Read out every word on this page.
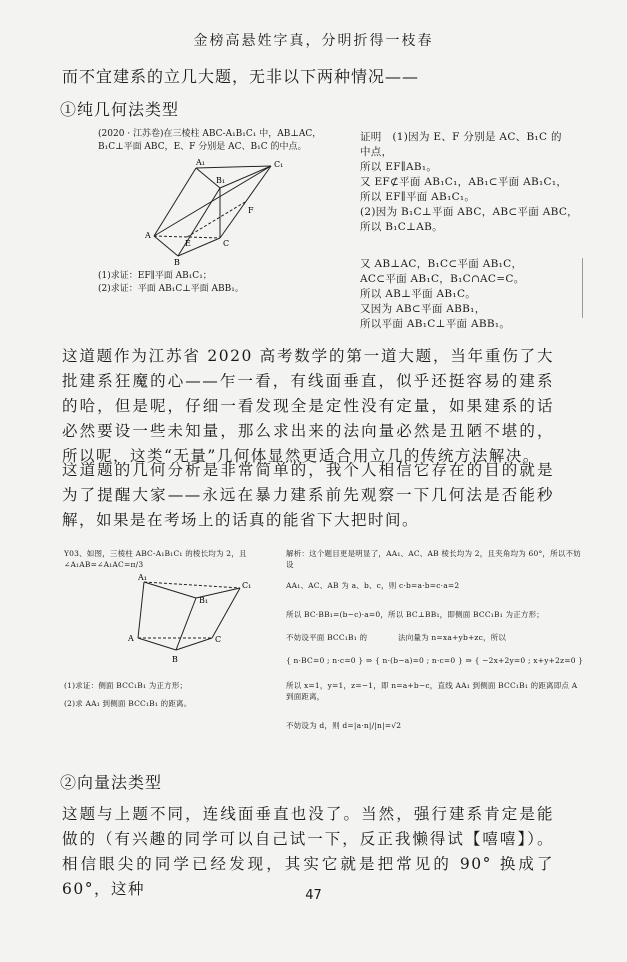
金榜高悬姓字真，分明折得一枝春
而不宜建系的立几大题，无非以下两种情况——
①纯几何法类型
(2020 · 江苏卷)在三棱柱 ABC-A₁B₁C₁ 中，AB⊥AC，
B₁C⊥平面 ABC，E、F 分别是 AC、B₁C 的中点。
A₁	C₁
B₁
F
A
E	C
B
(1)求证：EF∥平面 AB₁C₁；
(2)求证：平面 AB₁C⊥平面 ABB₁。
证明　(1)因为 E、F 分别是 AC、B₁C 的
中点，
所以 EF∥AB₁。
又 EF⊄平面 AB₁C₁，AB₁⊂平面 AB₁C₁，
所以 EF∥平面 AB₁C₁。
(2)因为 B₁C⊥平面 ABC，AB⊂平面 ABC，
所以 B₁C⊥AB。
又 AB⊥AC，B₁C⊂平面 AB₁C，
AC⊂平面 AB₁C，B₁C∩AC=C。
所以 AB⊥平面 AB₁C。
又因为 AB⊂平面 ABB₁，
所以平面 AB₁C⊥平面 ABB₁。
这道题作为江苏省 2020 高考数学的第一道大题，当年重伤了大批建系狂魔的心——乍一看，有线面垂直，似乎还挺容易的建系的哈，但是呢，仔细一看发现全是定性没有定量，如果建系的话必然要设一些未知量，那么求出来的法向量必然是丑陋不堪的，所以呢，这类“无量”几何体显然更适合用立几的传统方法解决。
这道题的几何分析是非常简单的，我个人相信它存在的目的就是为了提醒大家——永远在暴力建系前先观察一下几何法是否能秒解，如果是在考场上的话真的能省下大把时间。
Y03、如图，三棱柱 ABC-A₁B₁C₁ 的棱长均为 2，且∠A₁AB=∠A₁AC=π/3
A₁
B₁
C₁
A	C
B
(1)求证：侧面 BCC₁B₁ 为正方形；
(2)求 AA₁ 到侧面 BCC₁B₁ 的距离。
解析：这个题目更是明显了，AA₁、AC、AB 棱长均为 2，且夹角均为 60°，所以不妨设
AA₁、AC、AB 为 a、b、c，则 c·b=a·b=c·a=2
所以 BC·BB₁=(b−c)·a=0，所以 BC⊥BB₁，即侧面 BCC₁B₁ 为正方形；
不妨设平面 BCC₁B₁ 的　　　　法向量为 n=xa+yb+zc，所以
{ n·BC=0 ; n·c=0 } ⇒ { n·(b−a)=0 ; n·c=0 } ⇒ { −2x+2y=0 ; x+y+2z=0 }
所以 x=1，y=1，z=−1，即 n=a+b−c，直线 AA₁ 到侧面 BCC₁B₁ 的距离即点 A 到面距离，
不妨设为 d，则 d=|a·n|/|n|=√2
②向量法类型
这题与上题不同，连线面垂直也没了。当然，强行建系肯定是能做的（有兴趣的同学可以自己试一下，反正我懒得试【嘻嘻】）。相信眼尖的同学已经发现，其实它就是把常见的 90° 换成了 60°，这种	47
